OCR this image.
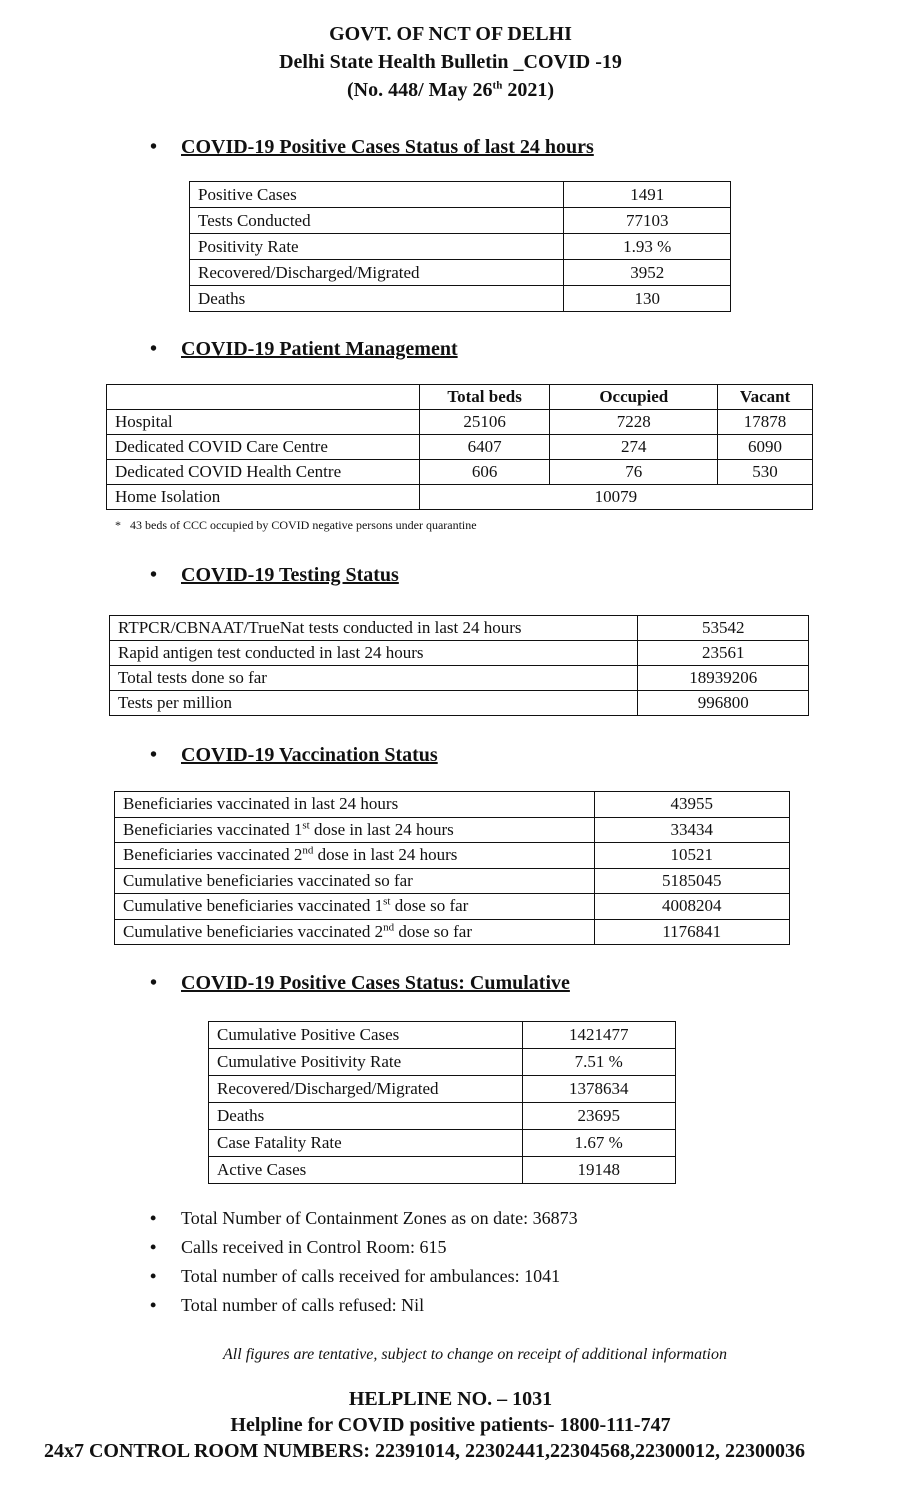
GOVT. OF NCT OF DELHI
Delhi State Health Bulletin _COVID -19
(No. 448/ May 26th 2021)
• COVID-19 Positive Cases Status of last 24 hours
Positive Cases	1491
Tests Conducted	77103
Positivity Rate	1.93 %
Recovered/Discharged/Migrated	3952
Deaths	130
• COVID-19 Patient Management
	Total beds	Occupied	Vacant
Hospital	25106	7228	17878
Dedicated COVID Care Centre	6407	274	6090
Dedicated COVID Health Centre	606	76	530
Home Isolation	10079		
* 43 beds of CCC occupied by COVID negative persons under quarantine
• COVID-19 Testing Status
RTPCR/CBNAAT/TrueNat tests conducted in last 24 hours	53542
Rapid antigen test conducted in last 24 hours	23561
Total tests done so far	18939206
Tests per million	996800
• COVID-19 Vaccination Status
Beneficiaries vaccinated in last 24 hours	43955
Beneficiaries vaccinated 1st dose in last 24 hours	33434
Beneficiaries vaccinated 2nd dose in last 24 hours	10521
Cumulative beneficiaries vaccinated so far	5185045
Cumulative beneficiaries vaccinated 1st dose so far	4008204
Cumulative beneficiaries vaccinated 2nd dose so far	1176841
• COVID-19 Positive Cases Status: Cumulative
Cumulative Positive Cases	1421477
Cumulative Positivity Rate	7.51 %
Recovered/Discharged/Migrated	1378634
Deaths	23695
Case Fatality Rate	1.67 %
Active Cases	19148
• Total Number of Containment Zones as on date: 36873
• Calls received in Control Room: 615
• Total number of calls received for ambulances: 1041
• Total number of calls refused: Nil
All figures are tentative, subject to change on receipt of additional information
HELPLINE NO. – 1031
Helpline for COVID positive patients- 1800-111-747
24x7 CONTROL ROOM NUMBERS: 22391014, 22302441,22304568,22300012, 22300036
